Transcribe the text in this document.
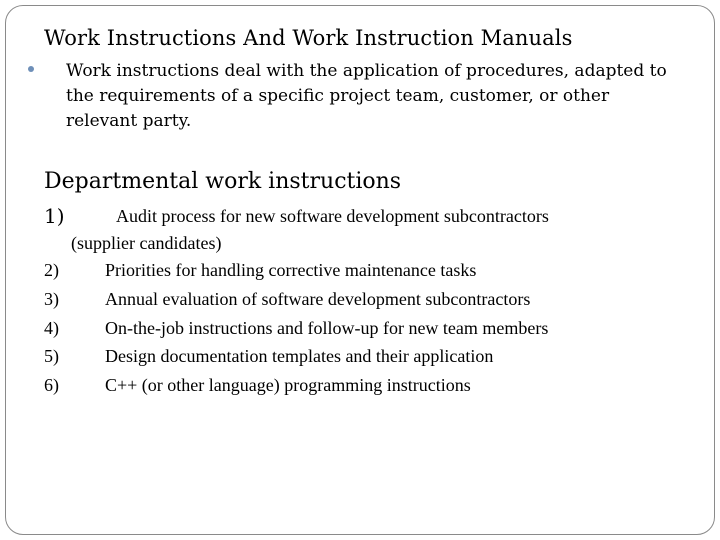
Work Instructions And Work Instruction Manuals
Work instructions deal with the application of procedures, adapted to the requirements of a specific project team, customer, or other relevant party.
Departmental work instructions
1)	Audit process for new software development subcontractors
(supplier candidates)
2)	Priorities for handling corrective maintenance tasks
3)	Annual evaluation of software development subcontractors
4)	On-the-job instructions and follow-up for new team members
5)	Design documentation templates and their application
6)	C++ (or other language) programming instructions
